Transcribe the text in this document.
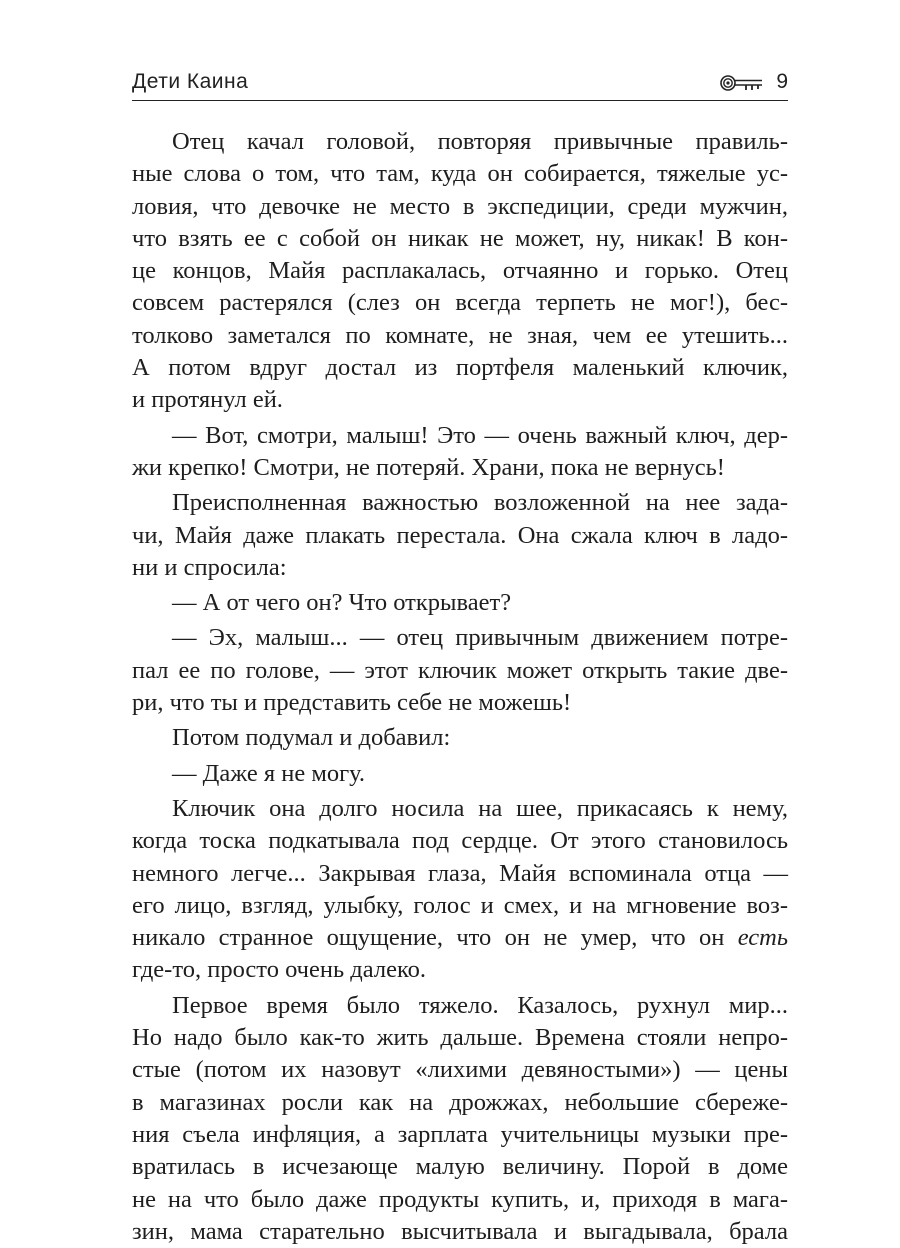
Дети Каина	9
Отец качал головой, повторяя привычные правиль-
ные слова о том, что там, куда он собирается, тяжелые ус-
ловия, что девочке не место в экспедиции, среди мужчин,
что взять ее с собой он никак не может, ну, никак! В кон-
це концов, Майя расплакалась, отчаянно и горько. Отец
совсем растерялся (слез он всегда терпеть не мог!), бес-
толково заметался по комнате, не зная, чем ее утешить...
А потом вдруг достал из портфеля маленький ключик,
и протянул ей.
— Вот, смотри, малыш! Это — очень важный ключ, дер-
жи крепко! Смотри, не потеряй. Храни, пока не вернусь!
Преисполненная важностью возложенной на нее зада-
чи, Майя даже плакать перестала. Она сжала ключ в ладо-
ни и спросила:
— А от чего он? Что открывает?
— Эх, малыш... — отец привычным движением потре-
пал ее по голове, — этот ключик может открыть такие две-
ри, что ты и представить себе не можешь!
Потом подумал и добавил:
— Даже я не могу.
Ключик она долго носила на шее, прикасаясь к нему,
когда тоска подкатывала под сердце. От этого становилось
немного легче... Закрывая глаза, Майя вспоминала отца —
его лицо, взгляд, улыбку, голос и смех, и на мгновение воз-
никало странное ощущение, что он не умер, что он есть
где-то, просто очень далеко.
Первое время было тяжело. Казалось, рухнул мир...
Но надо было как-то жить дальше. Времена стояли непро-
стые (потом их назовут «лихими девяностыми») — цены
в магазинах росли как на дрожжах, небольшие сбереже-
ния съела инфляция, а зарплата учительницы музыки пре-
вратилась в исчезающе малую величину. Порой в доме
не на что было даже продукты купить, и, приходя в мага-
зин, мама старательно высчитывала и выгадывала, брала
